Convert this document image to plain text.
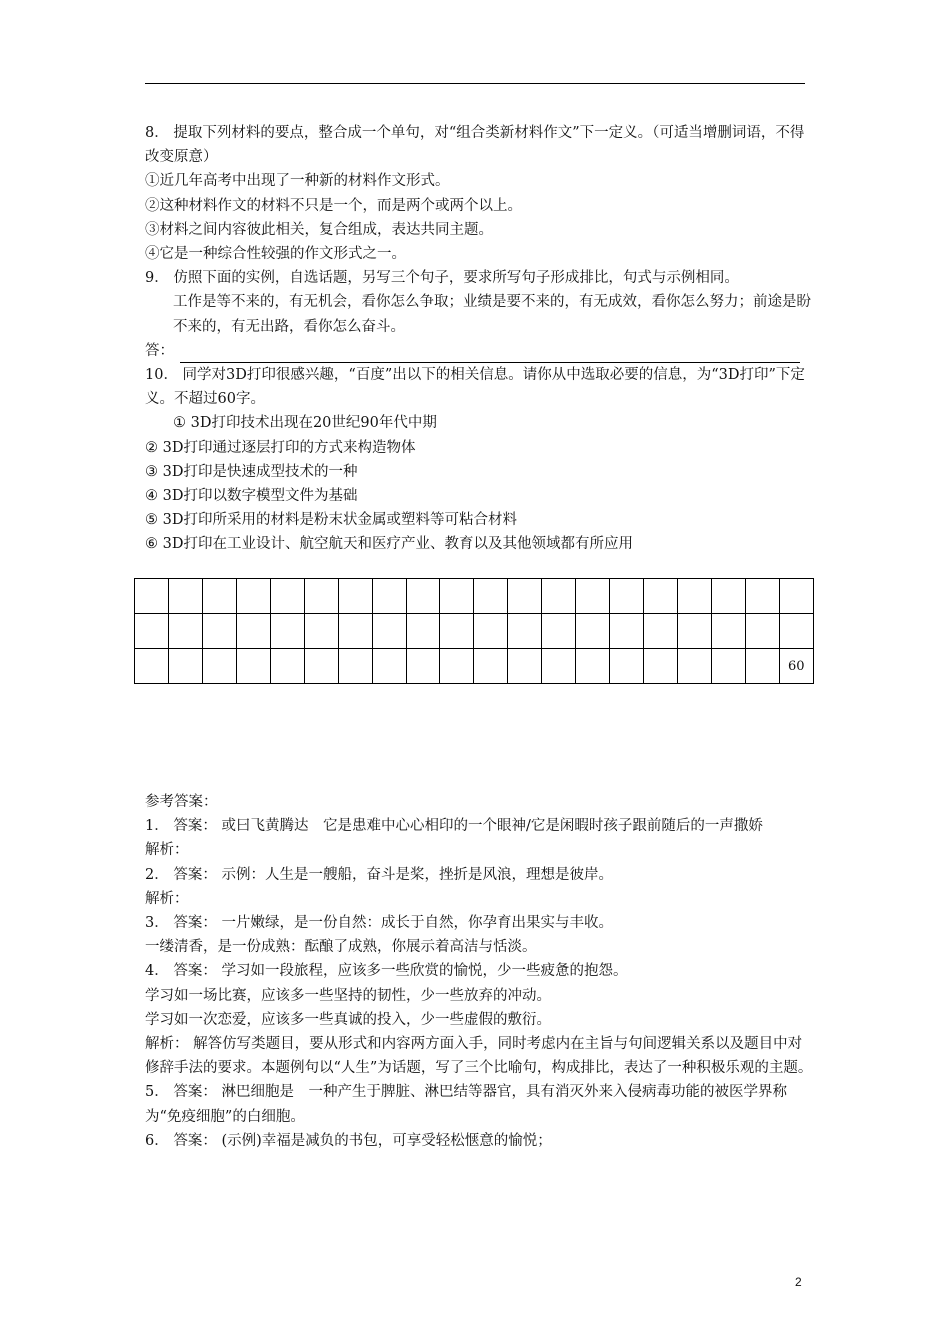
8． 提取下列材料的要点，整合成一个单句，对“组合类新材料作文”下一定义。（可适当增删词语，不得改变原意）
①近几年高考中出现了一种新的材料作文形式。
②这种材料作文的材料不只是一个，而是两个或两个以上。
③材料之间内容彼此相关，复合组成，表达共同主题。
④它是一种综合性较强的作文形式之一。
9． 仿照下面的实例，自选话题，另写三个句子，要求所写句子形成排比，句式与示例相同。
工作是等不来的，有无机会，看你怎么争取；业绩是要不来的，有无成效，看你怎么努力；前途是盼不来的，有无出路，看你怎么奋斗。
答：
10． 同学对3D打印很感兴趣，“百度”出以下的相关信息。请你从中选取必要的信息，为“3D打印”下定义。不超过60字。
① 3D打印技术出现在20世纪90年代中期
② 3D打印通过逐层打印的方式来构造物体
③ 3D打印是快速成型技术的一种
④ 3D打印以数字模型文件为基础
⑤ 3D打印所采用的材料是粉末状金属或塑料等可粘合材料
⑥ 3D打印在工业设计、航空航天和医疗产业、教育以及其他领域都有所应用

																			60
参考答案：
1． 答案： 或曰飞黄腾达　它是患难中心心相印的一个眼神/它是闲暇时孩子跟前随后的一声撒娇
解析：
2． 答案： 示例：人生是一艘船，奋斗是桨，挫折是风浪，理想是彼岸。
解析：
3． 答案： 一片嫩绿，是一份自然：成长于自然，你孕育出果实与丰收。
一缕清香，是一份成熟：酝酿了成熟，你展示着高洁与恬淡。
4． 答案： 学习如一段旅程，应该多一些欣赏的愉悦，少一些疲惫的抱怨。
学习如一场比赛，应该多一些坚持的韧性，少一些放弃的冲动。
学习如一次恋爱，应该多一些真诚的投入，少一些虚假的敷衍。
解析： 解答仿写类题目，要从形式和内容两方面入手，同时考虑内在主旨与句间逻辑关系以及题目中对修辞手法的要求。本题例句以“人生”为话题，写了三个比喻句，构成排比，表达了一种积极乐观的主题。
5． 答案： 淋巴细胞是　一种产生于脾脏、淋巴结等器官，具有消灭外来入侵病毒功能的被医学界称为“免疫细胞”的白细胞。
6． 答案： (示例)幸福是减负的书包，可享受轻松惬意的愉悦；
2
